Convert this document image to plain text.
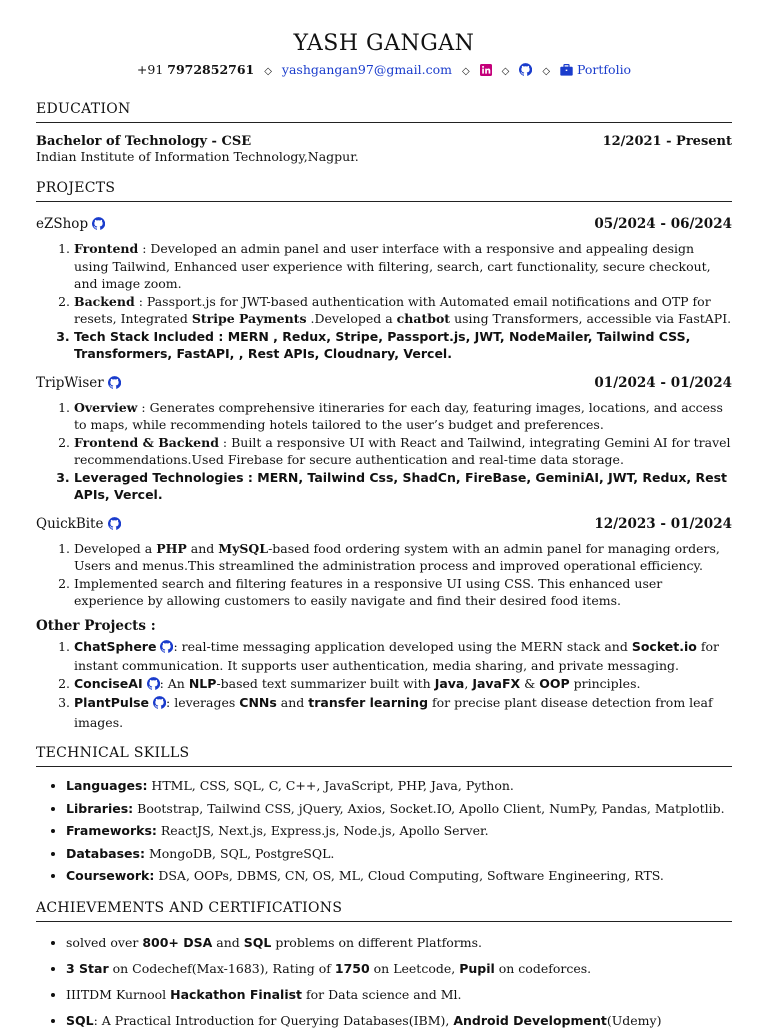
YASH GANGAN
+91 7972852761 ◇ yashgangan97@gmail.com ◇	◇	◇ Portfolio
EDUCATION
Bachelor of Technology - CSE	12/2021 - Present
Indian Institute of Information Technology,Nagpur.
PROJECTS
eZShop	05/2024 - 06/2024
1. Frontend : Developed an admin panel and user interface with a responsive and appealing design using Tailwind, Enhanced user experience with filtering, search, cart functionality, secure checkout, and image zoom.
2. Backend : Passport.js for JWT-based authentication with Automated email notifications and OTP for resets, Integrated Stripe Payments .Developed a chatbot using Transformers, accessible via FastAPI.
3. Tech Stack Included : MERN , Redux, Stripe, Passport.js, JWT, NodeMailer, Tailwind CSS, Transformers, FastAPI, , Rest APIs, Cloudnary, Vercel.
TripWiser	01/2024 - 01/2024
1. Overview : Generates comprehensive itineraries for each day, featuring images, locations, and access to maps, while recommending hotels tailored to the user’s budget and preferences.
2. Frontend & Backend : Built a responsive UI with React and Tailwind, integrating Gemini AI for travel recommendations.Used Firebase for secure authentication and real-time data storage.
3. Leveraged Technologies : MERN, Tailwind Css, ShadCn, FireBase, GeminiAI, JWT, Redux, Rest APIs, Vercel.
QuickBite	12/2023 - 01/2024
1. Developed a PHP and MySQL-based food ordering system with an admin panel for managing orders, Users and menus.This streamlined the administration process and improved operational efficiency.
2. Implemented search and filtering features in a responsive UI using CSS. This enhanced user experience by allowing customers to easily navigate and find their desired food items.
Other Projects :
1. ChatSphere : real-time messaging application developed using the MERN stack and Socket.io for instant communication. It supports user authentication, media sharing, and private messaging.
2. ConciseAI : An NLP-based text summarizer built with Java, JavaFX & OOP principles.
3. PlantPulse : leverages CNNs and transfer learning for precise plant disease detection from leaf images.
TECHNICAL SKILLS
• Languages: HTML, CSS, SQL, C, C++, JavaScript, PHP, Java, Python.
• Libraries: Bootstrap, Tailwind CSS, jQuery, Axios, Socket.IO, Apollo Client, NumPy, Pandas, Matplotlib.
• Frameworks: ReactJS, Next.js, Express.js, Node.js, Apollo Server.
• Databases: MongoDB, SQL, PostgreSQL.
• Coursework: DSA, OOPs, DBMS, CN, OS, ML, Cloud Computing, Software Engineering, RTS.
ACHIEVEMENTS AND CERTIFICATIONS
• solved over 800+ DSA and SQL problems on different Platforms.
• 3 Star on Codechef(Max-1683), Rating of 1750 on Leetcode, Pupil on codeforces.
• IIITDM Kurnool Hackathon Finalist for Data science and Ml.
• SQL: A Practical Introduction for Querying Databases(IBM), Android Development(Udemy)
